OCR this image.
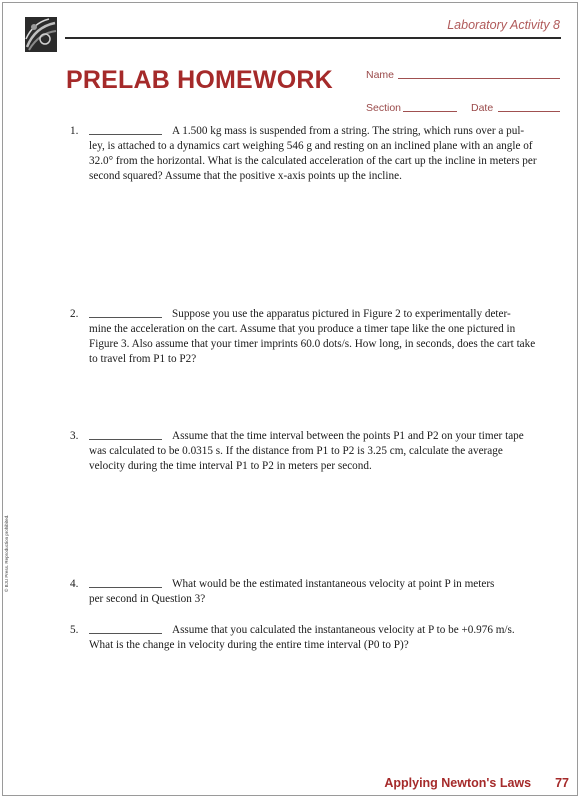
Laboratory Activity 8
PRELAB HOMEWORK	Name
Section	Date
1.	A 1.500 kg mass is suspended from a string. The string, which runs over a pul-
ley, is attached to a dynamics cart weighing 546 g and resting on an inclined plane with an angle of 32.0° from the horizontal. What is the calculated acceleration of the cart up the incline in meters per second squared? Assume that the positive x-axis points up the incline.
2.	Suppose you use the apparatus pictured in Figure 2 to experimentally deter-
mine the acceleration on the cart. Assume that you produce a timer tape like the one pictured in Figure 3. Also assume that your timer imprints 60.0 dots/s. How long, in seconds, does the cart take to travel from P1 to P2?
3.	Assume that the time interval between the points P1 and P2 on your timer tape
was calculated to be 0.0315 s. If the distance from P1 to P2 is 3.25 cm, calculate the average velocity during the time interval P1 to P2 in meters per second.
4.	What would be the estimated instantaneous velocity at point P in meters
per second in Question 3?
5.	Assume that you calculated the instantaneous velocity at P to be +0.976 m/s.
What is the change in velocity during the entire time interval (P0 to P)?
© BJU Press. Reproduction prohibited.
Applying Newton's Laws 77
